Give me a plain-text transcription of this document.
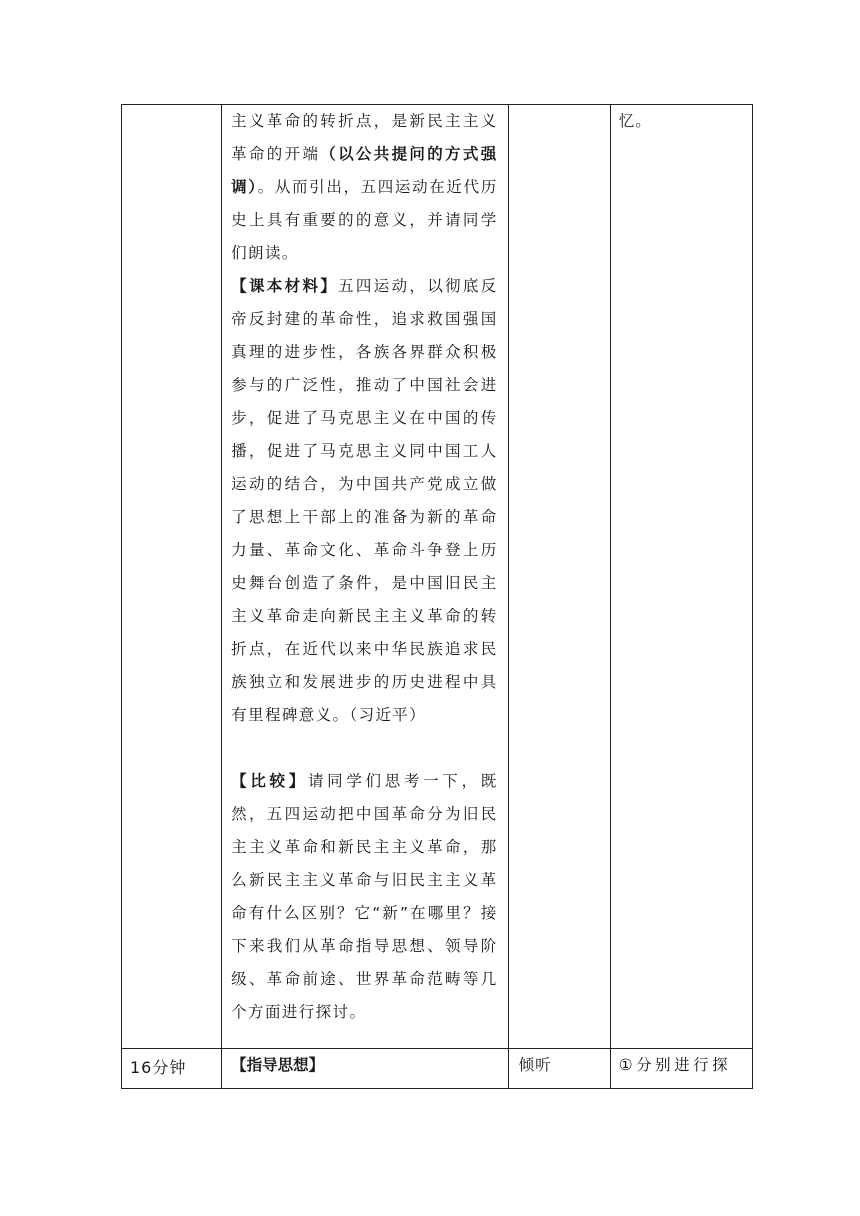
	主义革命的转折点，是新民主主义革命的开端（以公共提问的方式强调）。从而引出，五四运动在近代历史上具有重要的的意义，并请同学们朗读。

【课本材料】五四运动，以彻底反帝反封建的革命性，追求救国强国真理的进步性，各族各界群众积极参与的广泛性，推动了中国社会进步，促进了马克思主义在中国的传播，促进了马克思主义同中国工人运动的结合，为中国共产党成立做了思想上干部上的准备为新的革命力量、革命文化、革命斗争登上历史舞台创造了条件，是中国旧民主主义革命走向新民主主义革命的转折点，在近代以来中华民族追求民族独立和发展进步的历史进程中具有里程碑意义。（习近平）

【比较】请同学们思考一下，既然，五四运动把中国革命分为旧民主主义革命和新民主主义革命，那么新民主主义革命与旧民主主义革命有什么区别？它“新”在哪里？接下来我们从革命指导思想、领导阶级、革命前途、世界革命范畴等几个方面进行探讨。		忆。
16分钟	【指导思想】	倾听	①分别进行探
